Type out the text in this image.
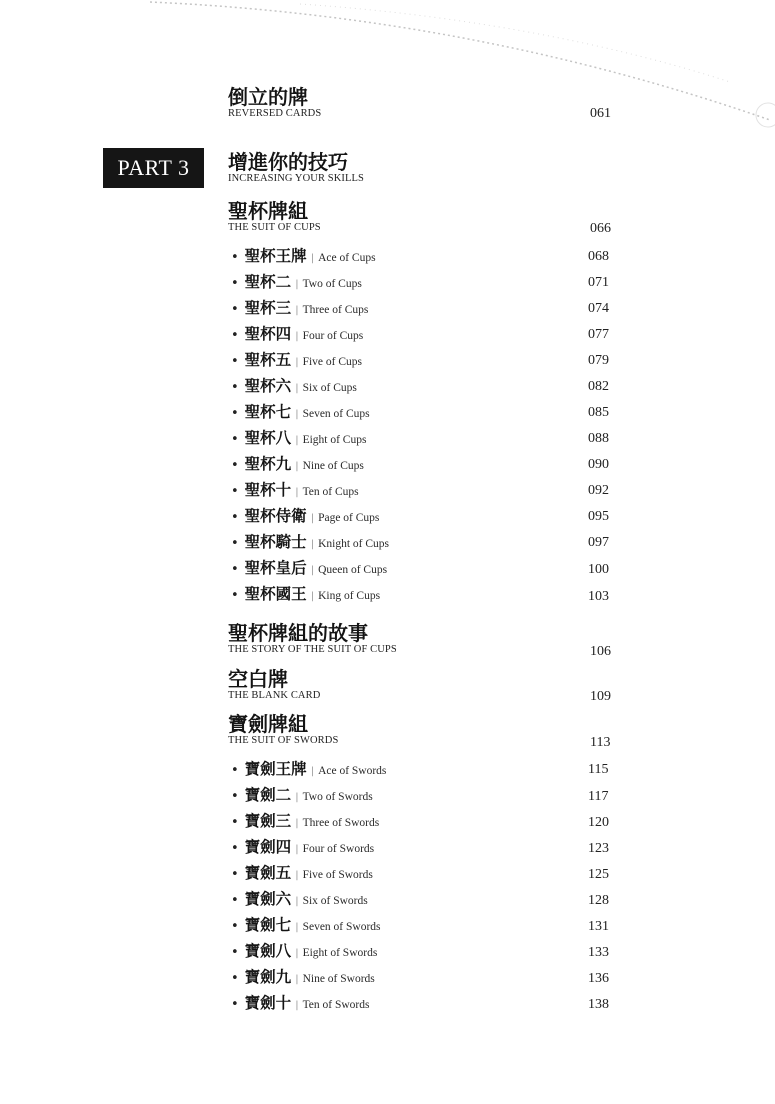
倒立的牌
REVERSED CARDS	061
PART 3	增進你的技巧
INCREASING YOUR SKILLS
聖杯牌組
THE SUIT OF CUPS	066
• 聖杯王牌 | Ace of Cups	068
• 聖杯二 | Two of Cups	071
• 聖杯三 | Three of Cups	074
• 聖杯四 | Four of Cups	077
• 聖杯五 | Five of Cups	079
• 聖杯六 | Six of Cups	082
• 聖杯七 | Seven of Cups	085
• 聖杯八 | Eight of Cups	088
• 聖杯九 | Nine of Cups	090
• 聖杯十 | Ten of Cups	092
• 聖杯侍衛 | Page of Cups	095
• 聖杯騎士 | Knight of Cups	097
• 聖杯皇后 | Queen of Cups	100
• 聖杯國王 | King of Cups	103
聖杯牌組的故事
THE STORY OF THE SUIT OF CUPS	106
空白牌
THE BLANK CARD	109
寶劍牌組
THE SUIT OF SWORDS	113
• 寶劍王牌 | Ace of Swords	115
• 寶劍二 | Two of Swords	117
• 寶劍三 | Three of Swords	120
• 寶劍四 | Four of Swords	123
• 寶劍五 | Five of Swords	125
• 寶劍六 | Six of Swords	128
• 寶劍七 | Seven of Swords	131
• 寶劍八 | Eight of Swords	133
• 寶劍九 | Nine of Swords	136
• 寶劍十 | Ten of Swords	138
